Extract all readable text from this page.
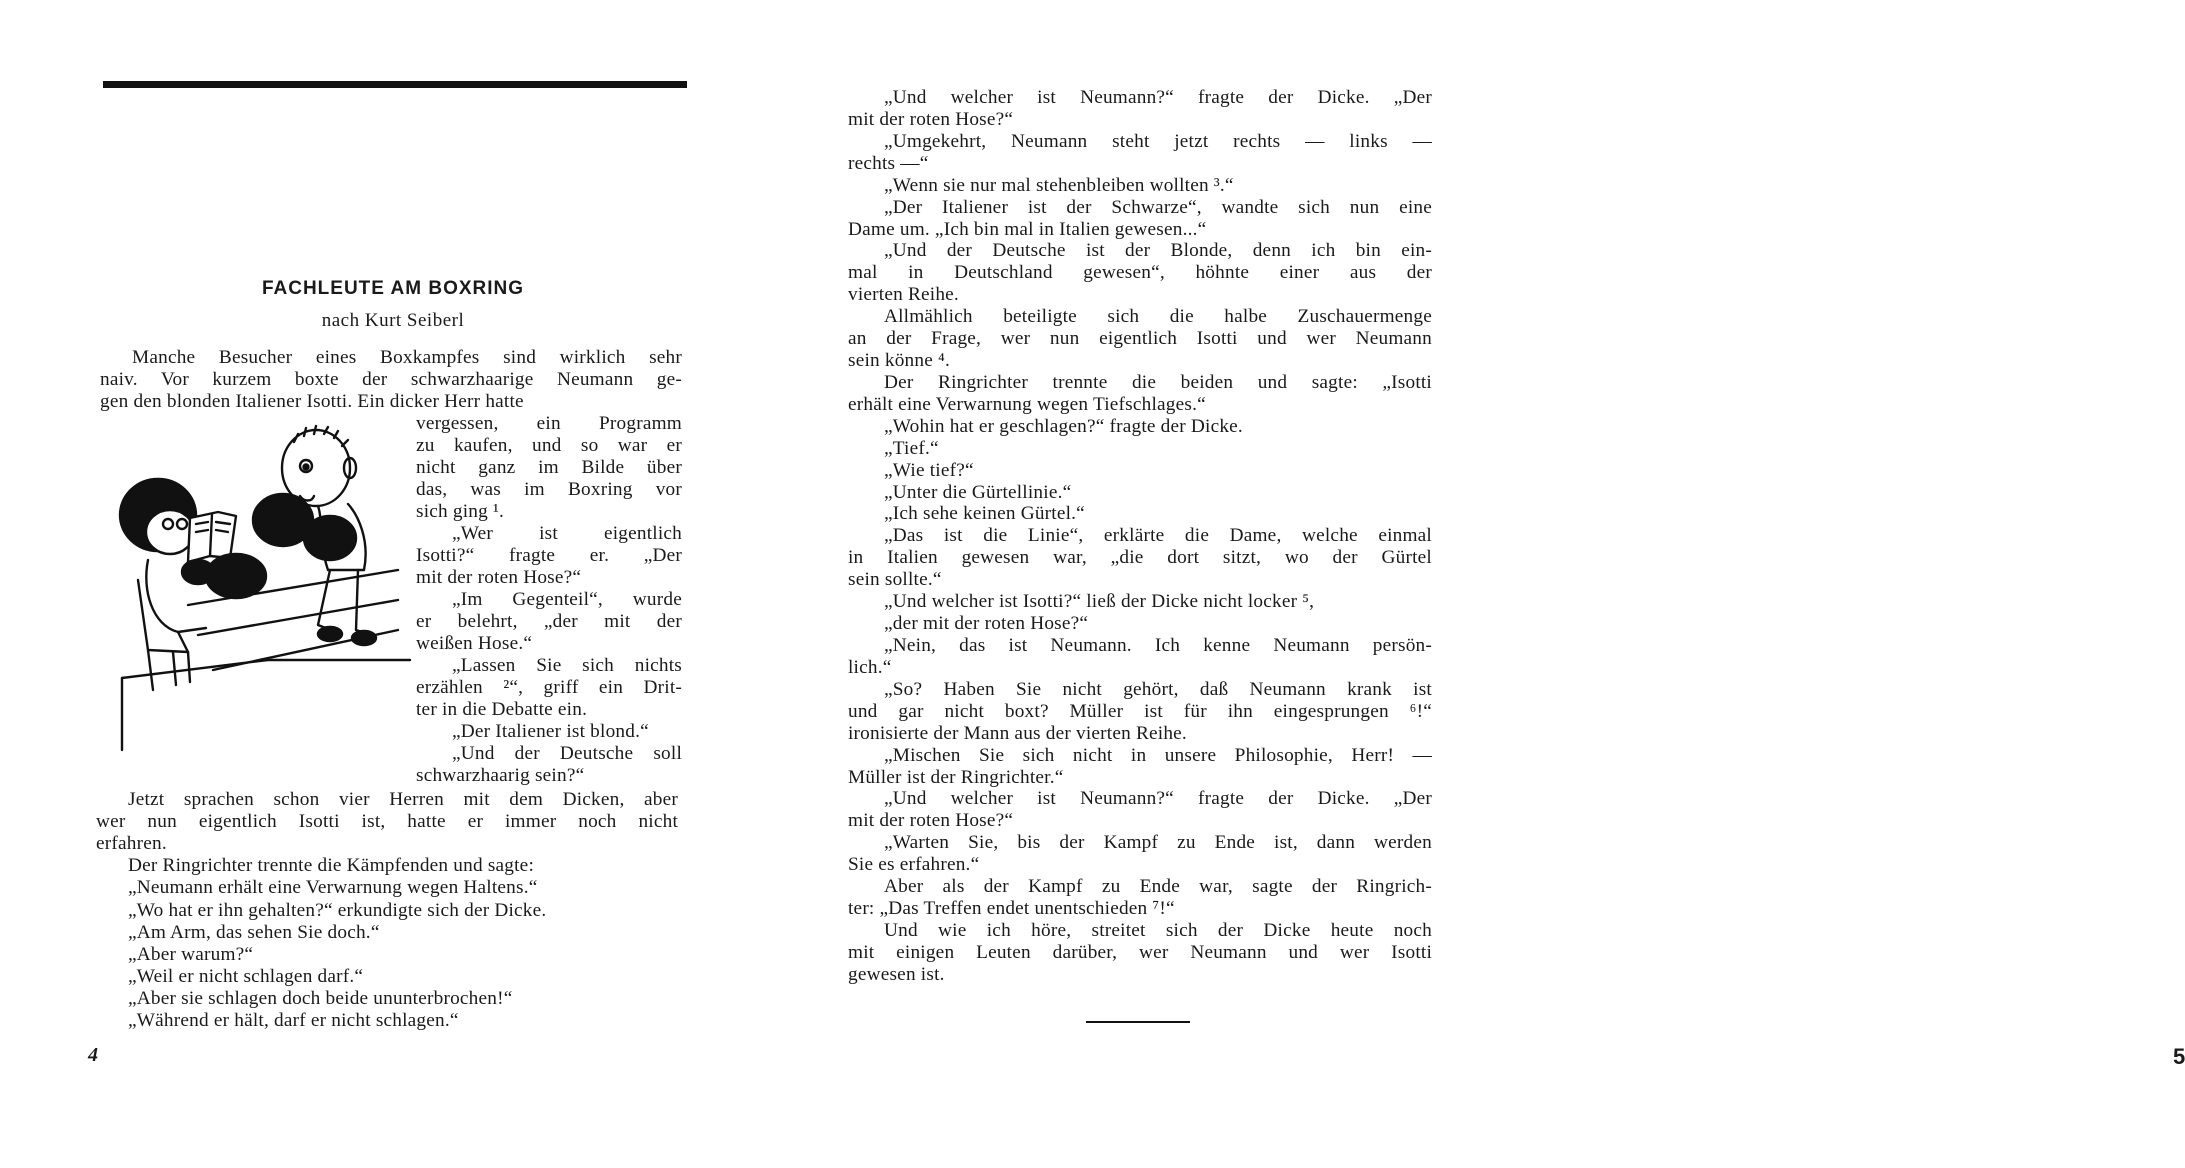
FACHLEUTE AM BOXRING
nach Kurt Seiberl
Manche Besucher eines Boxkampfes sind wirklich sehr
naiv. Vor kurzem boxte der schwarzhaarige Neumann ge-
gen den blonden Italiener Isotti. Ein dicker Herr hatte
vergessen, ein Programm
zu kaufen, und so war er
nicht ganz im Bilde über
das, was im Boxring vor
sich ging ¹.
„Wer ist eigentlich
Isotti?“ fragte er. „Der
mit der roten Hose?“
„Im Gegenteil“, wurde
er belehrt, „der mit der
weißen Hose.“
„Lassen Sie sich nichts
erzählen ²“, griff ein Drit-
ter in die Debatte ein.
„Der Italiener ist blond.“
„Und der Deutsche soll
schwarzhaarig sein?“
Jetzt sprachen schon vier Herren mit dem Dicken, aber
wer nun eigentlich Isotti ist, hatte er immer noch nicht
erfahren.
Der Ringrichter trennte die Kämpfenden und sagte:
„Neumann erhält eine Verwarnung wegen Haltens.“
„Wo hat er ihn gehalten?“ erkundigte sich der Dicke.
„Am Arm, das sehen Sie doch.“
„Aber warum?“
„Weil er nicht schlagen darf.“
„Aber sie schlagen doch beide ununterbrochen!“
„Während er hält, darf er nicht schlagen.“
4
„Und welcher ist Neumann?“ fragte der Dicke. „Der
mit der roten Hose?“
„Umgekehrt, Neumann steht jetzt rechts — links —
rechts —“
„Wenn sie nur mal stehenbleiben wollten ³.“
„Der Italiener ist der Schwarze“, wandte sich nun eine
Dame um. „Ich bin mal in Italien gewesen...“
„Und der Deutsche ist der Blonde, denn ich bin ein-
mal in Deutschland gewesen“, höhnte einer aus der
vierten Reihe.
Allmählich beteiligte sich die halbe Zuschauermenge
an der Frage, wer nun eigentlich Isotti und wer Neumann
sein könne ⁴.
Der Ringrichter trennte die beiden und sagte: „Isotti
erhält eine Verwarnung wegen Tiefschlages.“
„Wohin hat er geschlagen?“ fragte der Dicke.
„Tief.“
„Wie tief?“
„Unter die Gürtellinie.“
„Ich sehe keinen Gürtel.“
„Das ist die Linie“, erklärte die Dame, welche einmal
in Italien gewesen war, „die dort sitzt, wo der Gürtel
sein sollte.“
„Und welcher ist Isotti?“ ließ der Dicke nicht locker ⁵,
„der mit der roten Hose?“
„Nein, das ist Neumann. Ich kenne Neumann persön-
lich.“
„So? Haben Sie nicht gehört, daß Neumann krank ist
und gar nicht boxt? Müller ist für ihn eingesprungen ⁶!“
ironisierte der Mann aus der vierten Reihe.
„Mischen Sie sich nicht in unsere Philosophie, Herr! —
Müller ist der Ringrichter.“
„Und welcher ist Neumann?“ fragte der Dicke. „Der
mit der roten Hose?“
„Warten Sie, bis der Kampf zu Ende ist, dann werden
Sie es erfahren.“
Aber als der Kampf zu Ende war, sagte der Ringrich-
ter: „Das Treffen endet unentschieden ⁷!“
Und wie ich höre, streitet sich der Dicke heute noch
mit einigen Leuten darüber, wer Neumann und wer Isotti
gewesen ist.
5
